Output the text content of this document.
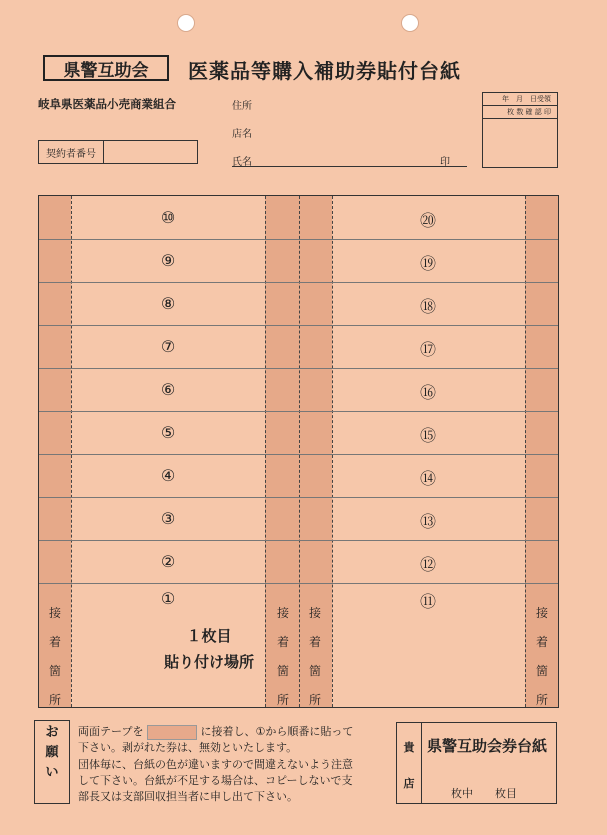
県警互助会	医薬品等購入補助券貼付台紙
岐阜県医薬品小売商業組合	住所
店名
氏名	印
契約者番号
年　月　日受領
枚 数 確 認 印
⑩	⑳
⑨	⑲
⑧	⑱
⑦	⑰
⑥	⑯
⑤	⑮
④	⑭
③	⑬
②	⑫
①	⑪
接
着
箇
所
接
着
箇
所
接
着
箇
所
接
着
箇
所
１枚目
貼り付け場所
お
願
い
両面テープを	に接着し、①から順番に貼って
下さい。剥がれた券は、無効といたします。
団体毎に、台紙の色が違いますので間違えないよう注意
して下さい。台紙が不足する場合は、コピーしないで支
部長又は支部回収担当者に申し出て下さい。
貴
店
県警互助会券台紙
枚中　　枚目
